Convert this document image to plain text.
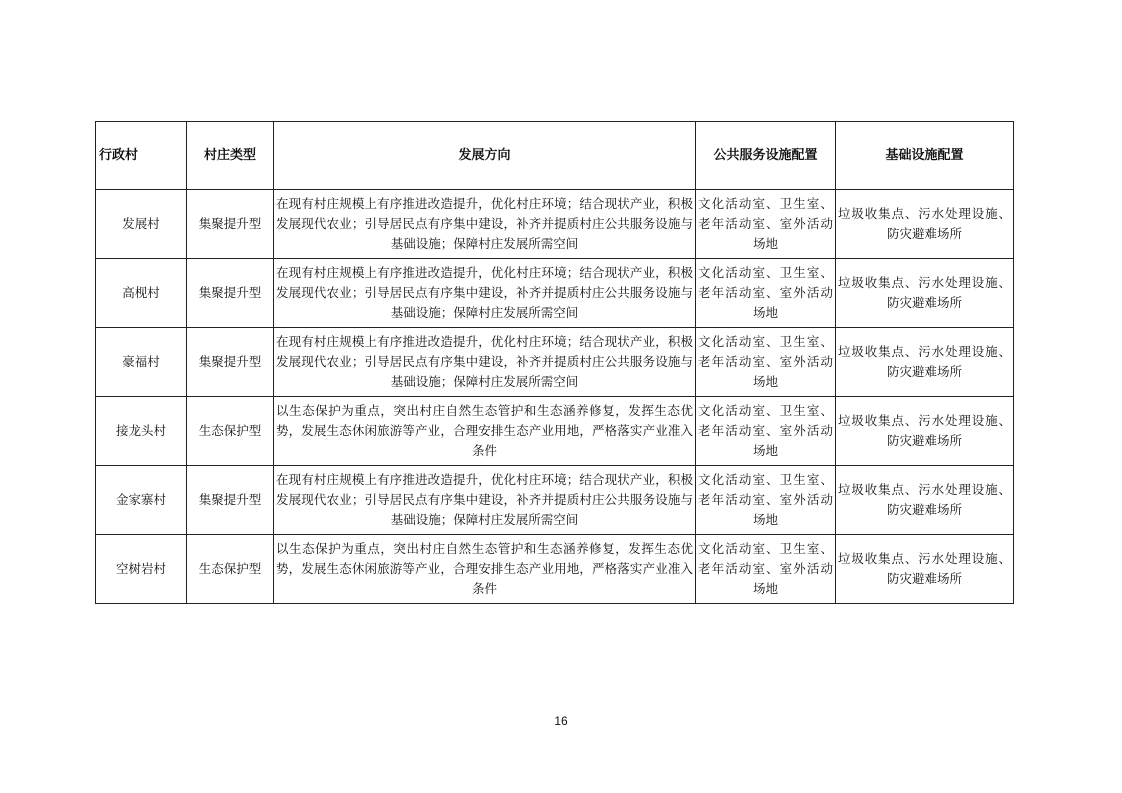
行政村	村庄类型	发展方向	公共服务设施配置	基础设施配置
发展村	集聚提升型	在现有村庄规模上有序推进改造提升，优化村庄环境；结合现状产业，积极发展现代农业；引导居民点有序集中建设，补齐并提质村庄公共服务设施与基础设施；保障村庄发展所需空间	文化活动室、卫生室、老年活动室、室外活动场地	垃圾收集点、污水处理设施、防灾避难场所
高枧村	集聚提升型	在现有村庄规模上有序推进改造提升，优化村庄环境；结合现状产业，积极发展现代农业；引导居民点有序集中建设，补齐并提质村庄公共服务设施与基础设施；保障村庄发展所需空间	文化活动室、卫生室、老年活动室、室外活动场地	垃圾收集点、污水处理设施、防灾避难场所
豪福村	集聚提升型	在现有村庄规模上有序推进改造提升，优化村庄环境；结合现状产业，积极发展现代农业；引导居民点有序集中建设，补齐并提质村庄公共服务设施与基础设施；保障村庄发展所需空间	文化活动室、卫生室、老年活动室、室外活动场地	垃圾收集点、污水处理设施、防灾避难场所
接龙头村	生态保护型	以生态保护为重点，突出村庄自然生态管护和生态涵养修复，发挥生态优势，发展生态休闲旅游等产业，合理安排生态产业用地，严格落实产业准入条件	文化活动室、卫生室、老年活动室、室外活动场地	垃圾收集点、污水处理设施、防灾避难场所
金家寨村	集聚提升型	在现有村庄规模上有序推进改造提升，优化村庄环境；结合现状产业，积极发展现代农业；引导居民点有序集中建设，补齐并提质村庄公共服务设施与基础设施；保障村庄发展所需空间	文化活动室、卫生室、老年活动室、室外活动场地	垃圾收集点、污水处理设施、防灾避难场所
空树岩村	生态保护型	以生态保护为重点，突出村庄自然生态管护和生态涵养修复，发挥生态优势，发展生态休闲旅游等产业，合理安排生态产业用地，严格落实产业准入条件	文化活动室、卫生室、老年活动室、室外活动场地	垃圾收集点、污水处理设施、防灾避难场所
16
